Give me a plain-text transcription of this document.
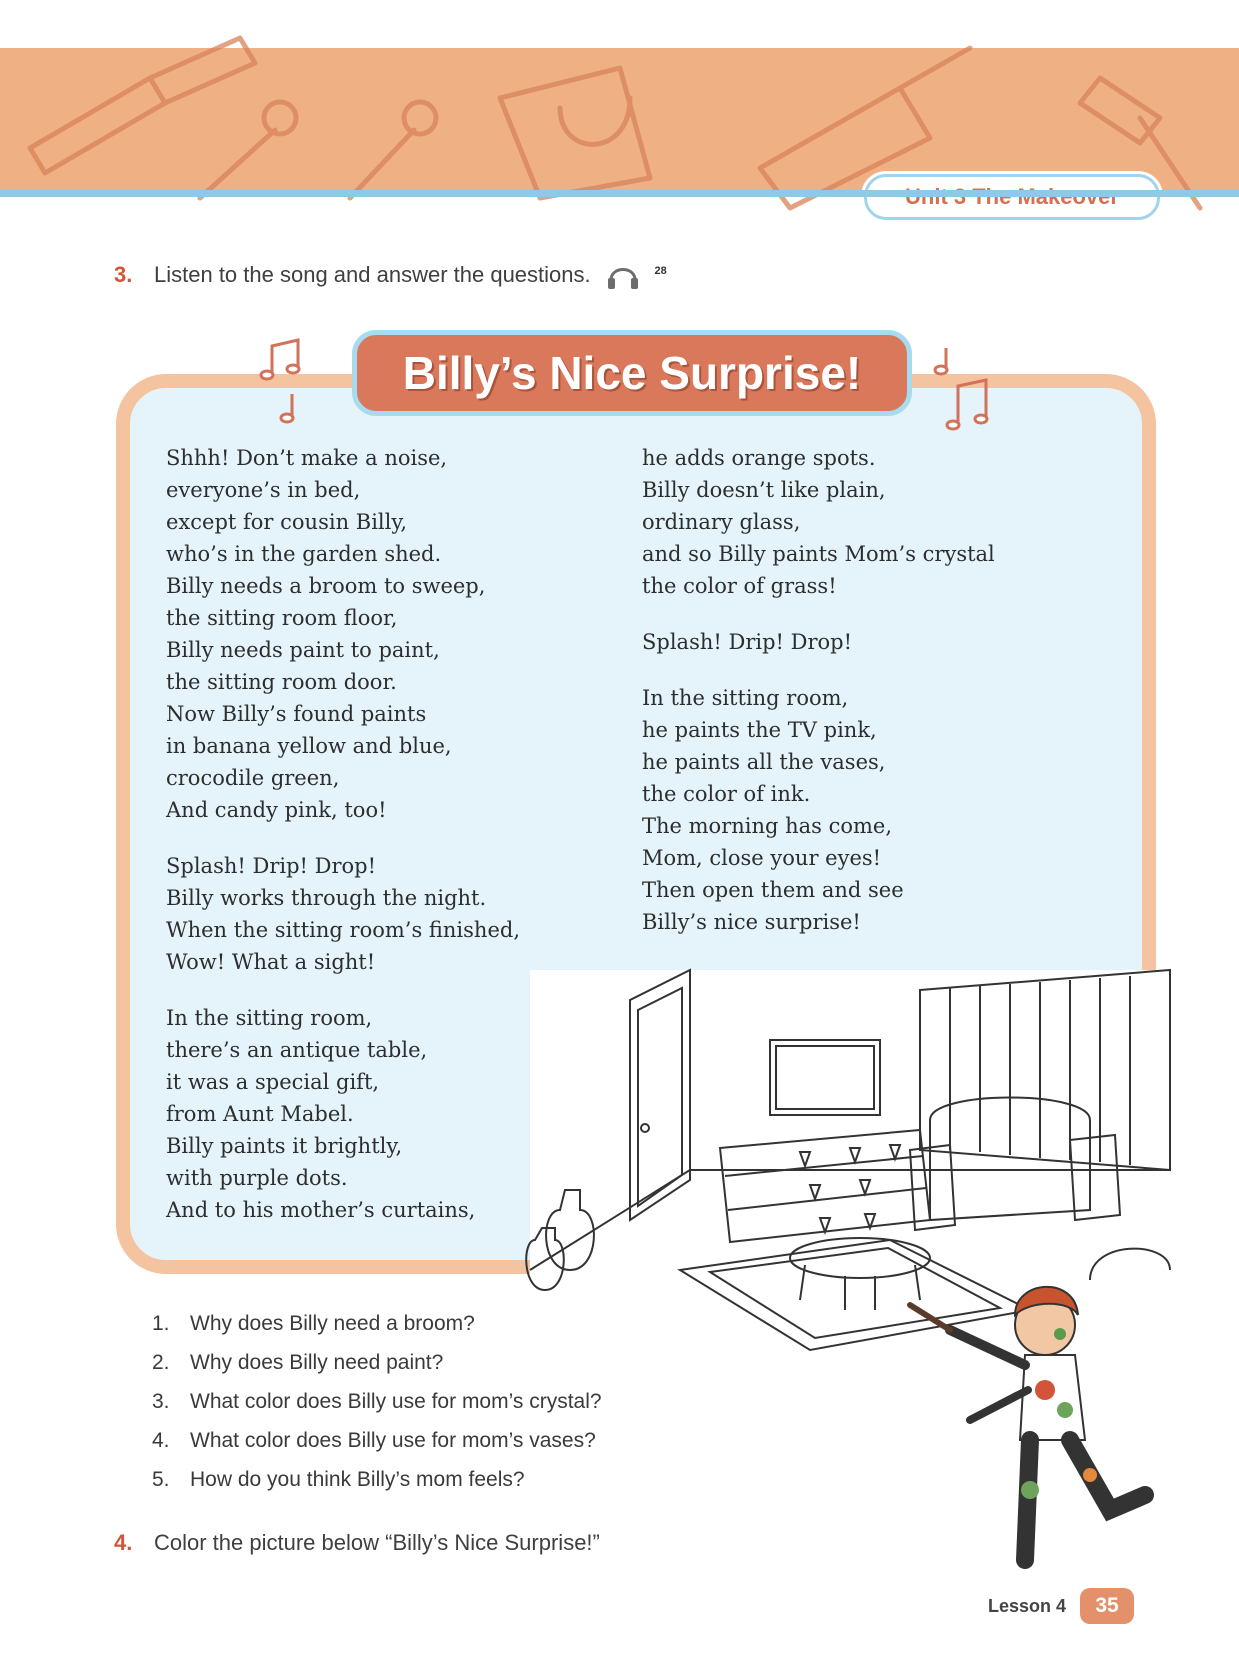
3. Listen to the song and answer the questions.	28
Billy’s Nice Surprise!
Shhh! Don’t make a noise,
everyone’s in bed,
except for cousin Billy,
who’s in the garden shed.
Billy needs a broom to sweep,
the sitting room floor,
Billy needs paint to paint,
the sitting room door.
Now Billy’s found paints
in banana yellow and blue,
crocodile green,
And candy pink, too!
Splash! Drip! Drop!
Billy works through the night.
When the sitting room’s finished,
Wow! What a sight!
In the sitting room,
there’s an antique table,
it was a special gift,
from Aunt Mabel.
Billy paints it brightly,
with purple dots.
And to his mother’s curtains,
he adds orange spots.
Billy doesn’t like plain,
ordinary glass,
and so Billy paints Mom’s crystal
the color of grass!
Splash! Drip! Drop!
In the sitting room,
he paints the TV pink,
he paints all the vases,
the color of ink.
The morning has come,
Mom, close your eyes!
Then open them and see
Billy’s nice surprise!
1. Why does Billy need a broom?
2. Why does Billy need paint?
3. What color does Billy use for mom’s crystal?
4. What color does Billy use for mom’s vases?
5. How do you think Billy’s mom feels?
4. Color the picture below “Billy’s Nice Surprise!”
Lesson 4	35
